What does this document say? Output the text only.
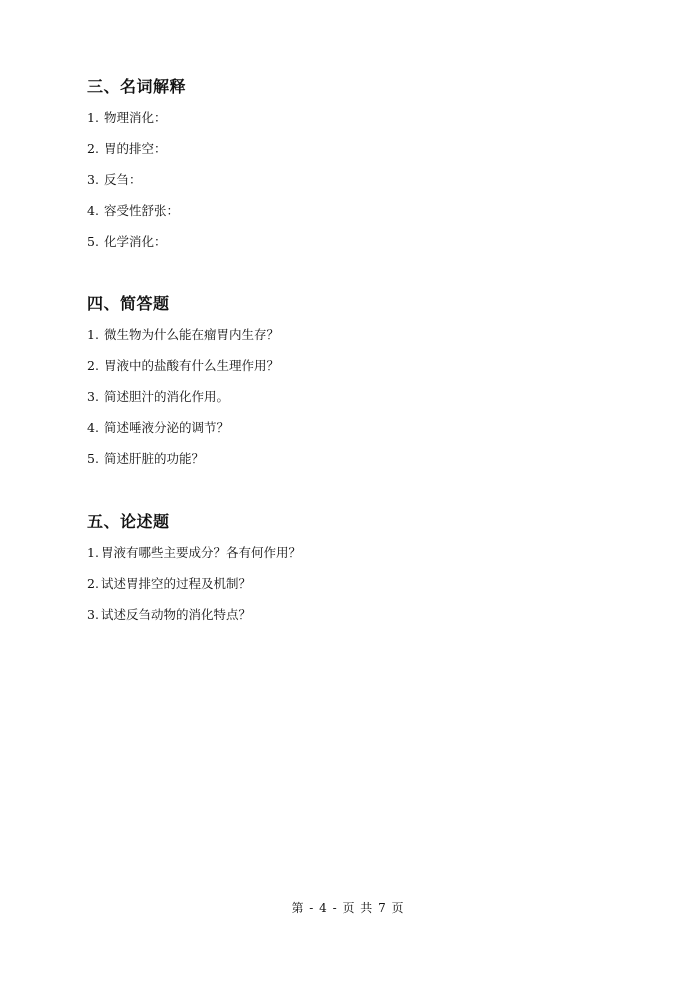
三、名词解释
1. 物理消化：
2. 胃的排空：
3. 反刍：
4. 容受性舒张：
5. 化学消化：
四、简答题
1. 微生物为什么能在瘤胃内生存？
2. 胃液中的盐酸有什么生理作用？
3. 简述胆汁的消化作用。
4. 简述唾液分泌的调节？
5. 简述肝脏的功能？
五、论述题
1. 胃液有哪些主要成分？各有何作用？
2. 试述胃排空的过程及机制？
3. 试述反刍动物的消化特点？
第 - 4 - 页 共 7 页
